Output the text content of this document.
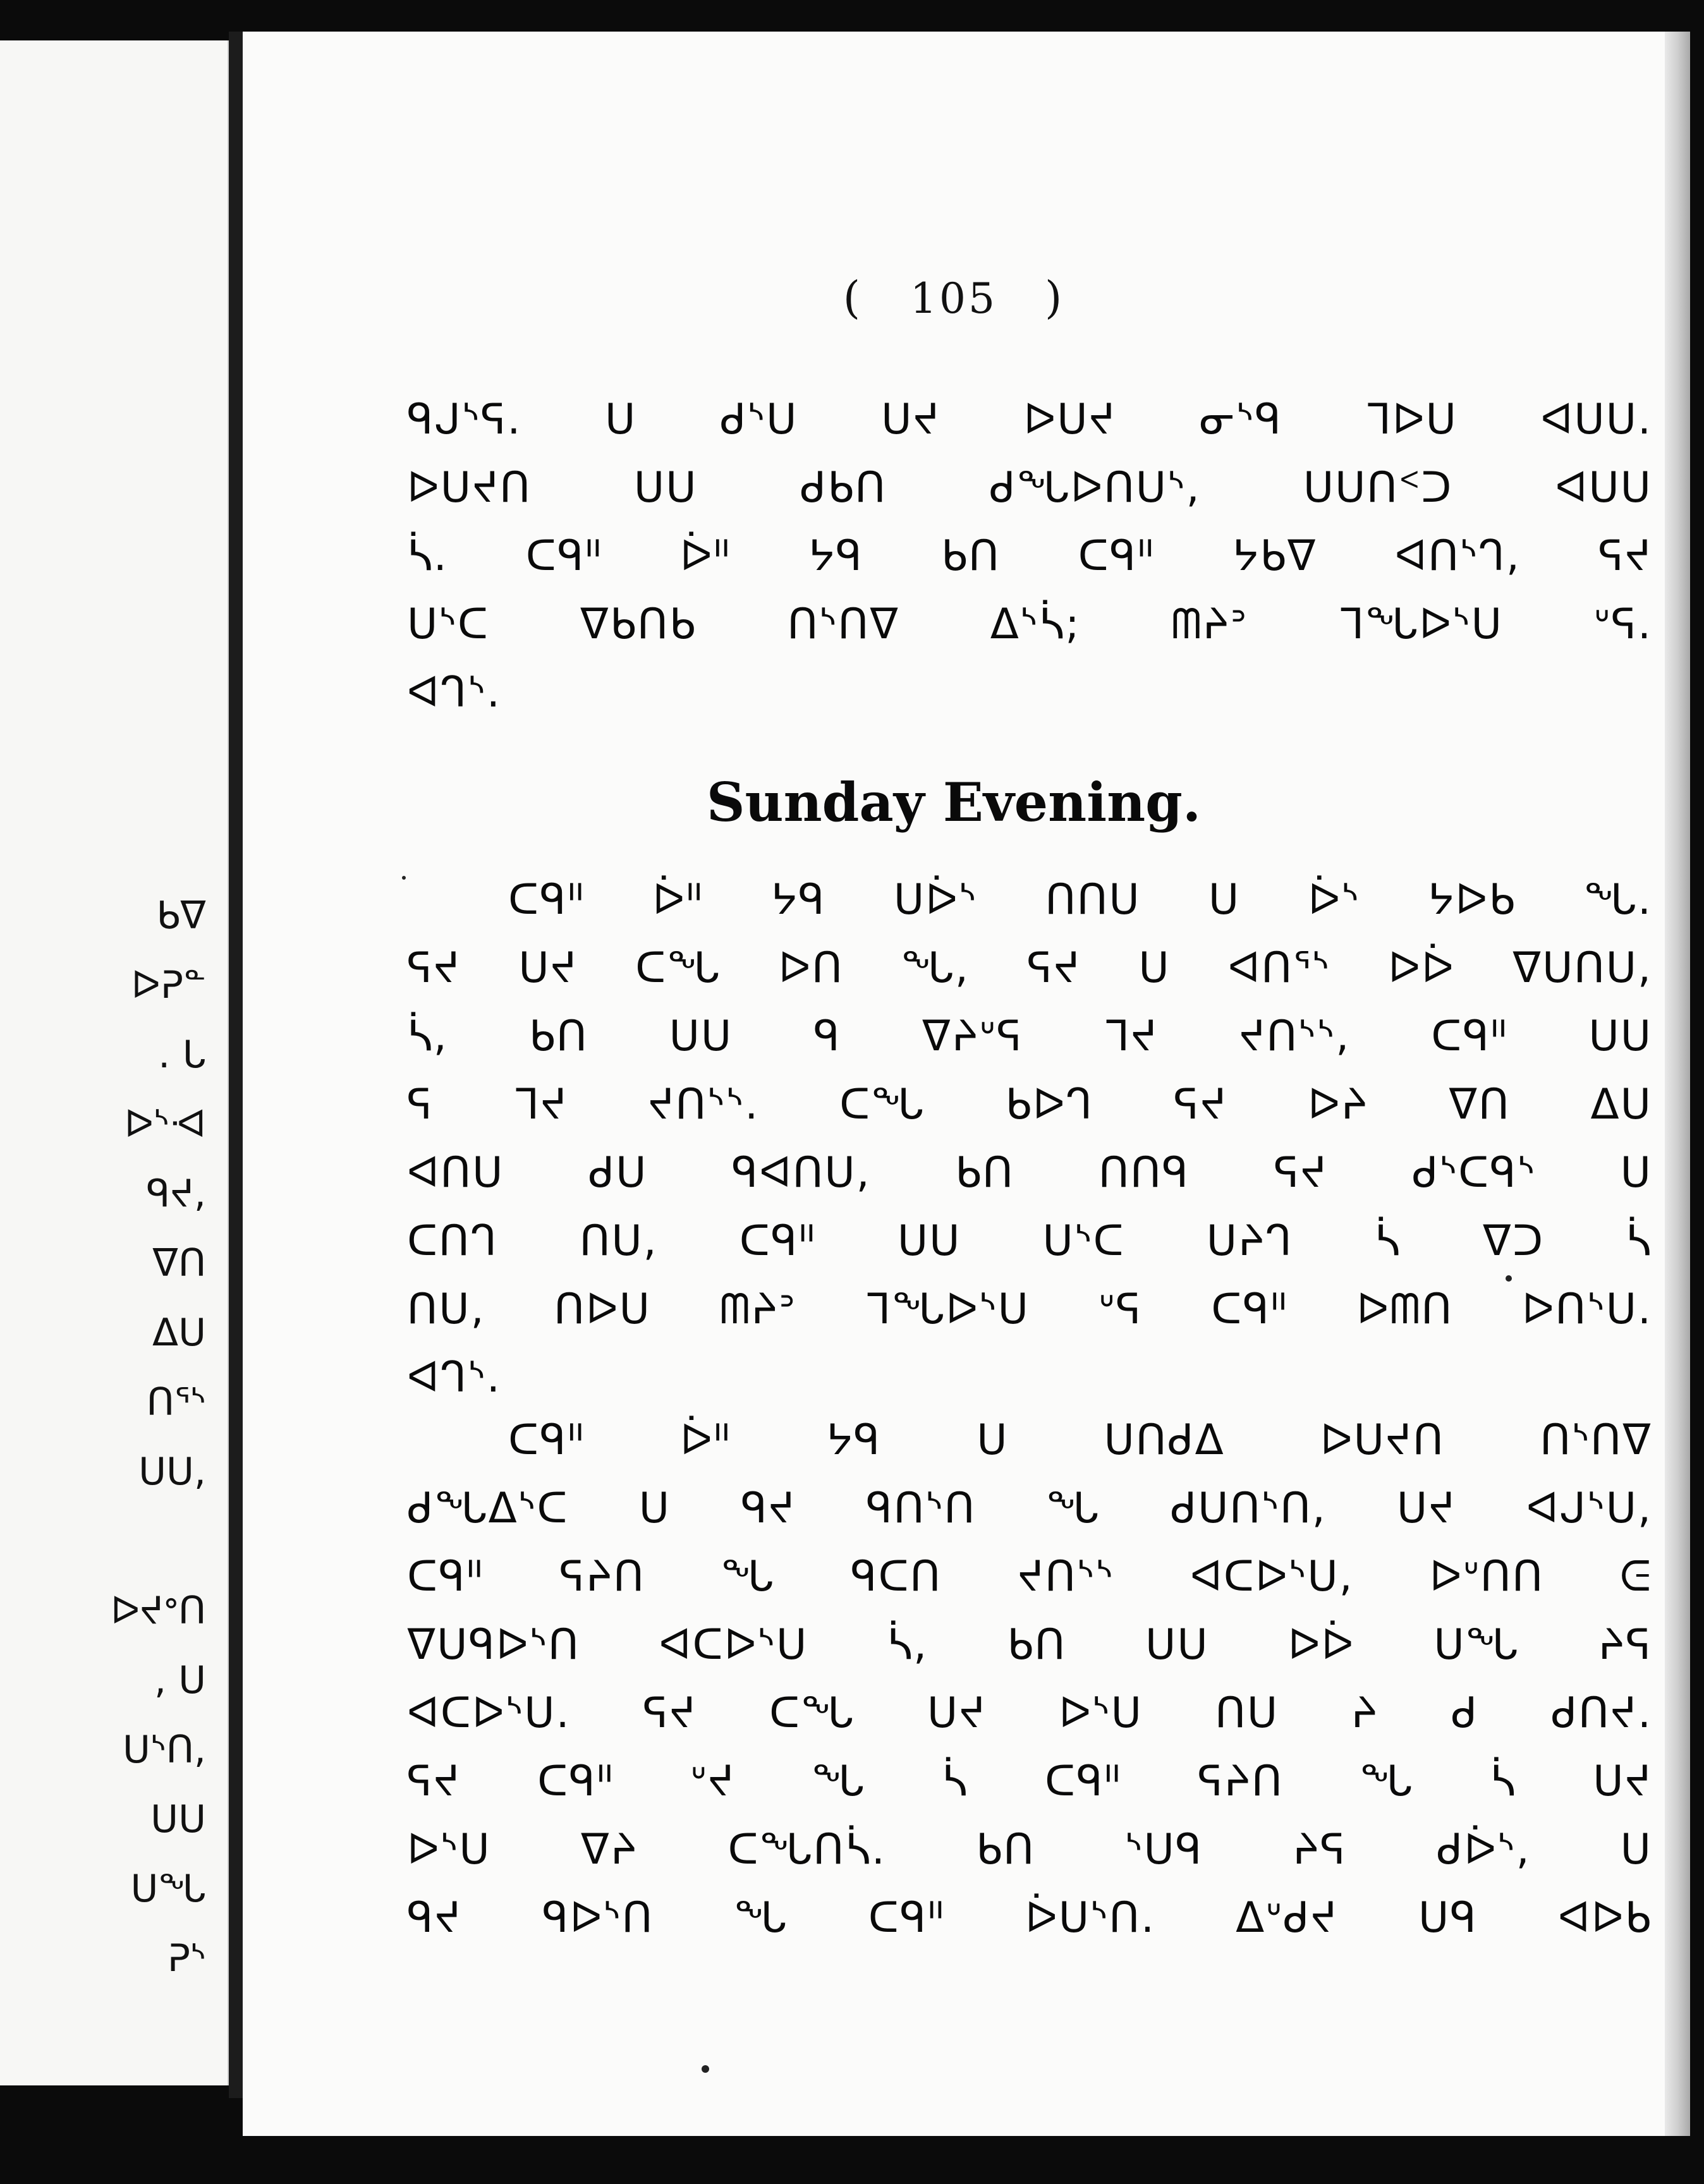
ᑲᐁ
ᐅᕈᓐ
. ᒐ
ᐅᔅᐗ
ᑫᔪ,
ᐁᑎ
ᐃᑌ
ᑎᕐᔅ
ᑌᑌ,
ᐅᔪᐤᑎ
, ᑌ
ᑌᔅᑎ,
ᑌᑌ
ᑌᖓ
ᕈᔅ
( 105 )
ᑫᒍᔅᕋ. ᑌ ᑯᔅᑌ ᑌᔪ ᐅᑌᔪ ᓂᔅᑫ ᒣᐅᑌ ᐊᑌᑌ.
ᐅᑌᔪᑎ ᑌᑌ ᑯᑲᑎ ᑯᖓᐅᑎᑌᔅ, ᑌᑌᑎᑉᑐ ᐊᑌᑌ
ᓵ. ᑕᑫᐦ ᐆᐦ ᔭᑫ ᑲᑎ ᑕᑫᐦ ᔭᑲᐁ ᐊᑎᔅᒉ, ᕋᔪ
ᑌᔅᑕ ᐁᑲᑎᑲ ᑎᔅᑎᐁ ᐃᔅᓵ; ᗰᔨᐣ ᒣᖓᐅᔅᑌ ᐡᕋ.
ᐊᒉᔅ.
Sunday Evening.
ᑕᑫᐦ ᐆᐦ ᔭᑫ ᑌᐆᔅ ᑎᑎᑌ ᑌ ᐆᔅ ᔭᐅᑲ ᖓ.
ᕋᔪ ᑌᔪ ᑕᖓ ᐅᑎ ᖓ, ᕋᔪ ᑌ ᐊᑎᕐᔅ ᐅᐆ ᐁᑌᑎᑌ,
ᓵ, ᑲᑎ ᑌᑌ ᑫ ᐁᔨᐡᕋ ᒣᔪ ᔪᑎᔅᔅ, ᑕᑫᐦ ᑌᑌ
ᕋ ᒣᔪ ᔪᑎᔅᔅ. ᑕᖓ ᑲᐅᒉ ᕋᔪ ᐅᔨ ᐁᑎ ᐃᑌ
ᐊᑎᑌ ᑯᑌ ᑫᐊᑎᑌ, ᑲᑎ ᑎᑎᑫ ᕋᔪ ᑯᔅᑕᑫᔅ ᑌ
ᑕᑎᒉ ᑎᑌ, ᑕᑫᐦ ᑌᑌ ᑌᔅᑕ ᑌᔨᒉ ᓵ ᐁᑐ ᓵ
ᑎᑌ, ᑎᐅᑌ ᗰᔨᐣ ᒣᖓᐅᔅᑌ ᐡᕋ ᑕᑫᐦ ᐅᗰᑎ ᐅᑎᔅᑌ.
ᐊᒉᔅ.
ᑕᑫᐦ ᐆᐦ ᔭᑫ ᑌ ᑌᑎᑯᐃ ᐅᑌᔪᑎ ᑎᔅᑎᐁ
ᑯᖓᐃᔅᑕ ᑌ ᑫᔪ ᑫᑎᔅᑎ ᖓ ᑯᑌᑎᔅᑎ, ᑌᔪ ᐊᒍᔅᑌ,
ᑕᑫᐦ ᕋᔨᑎ ᖓ ᑫᑕᑎ ᔪᑎᔅᔅ ᐊᑕᐅᔅᑌ, ᐅᐡᑎᑎ ᕮ
ᐁᑌᑫᐅᔅᑎ ᐊᑕᐅᔅᑌ ᓵ, ᑲᑎ ᑌᑌ ᐅᐆ ᑌᖓ ᔨᕋ
ᐊᑕᐅᔅᑌ. ᕋᔪ ᑕᖓ ᑌᔪ ᐅᔅᑌ ᑎᑌ ᔨ ᑯ ᑯᑎᔪ.
ᕋᔪ ᑕᑫᐦ ᐡᔪ ᖓ ᓵ ᑕᑫᐦ ᕋᔨᑎ ᖓ ᓵ ᑌᔪ
ᐅᔅᑌ ᐁᔨ ᑕᖓᑎᓵ. ᑲᑎ ᔅᑌᑫ ᔨᕋ ᑯᐆᔅ, ᑌ
ᑫᔪ ᑫᐅᔅᑎ ᖓ ᑕᑫᐦ ᐆᑌᔅᑎ. ᐃᐡᑯᔪ ᑌᑫ ᐊᐅᑲ
